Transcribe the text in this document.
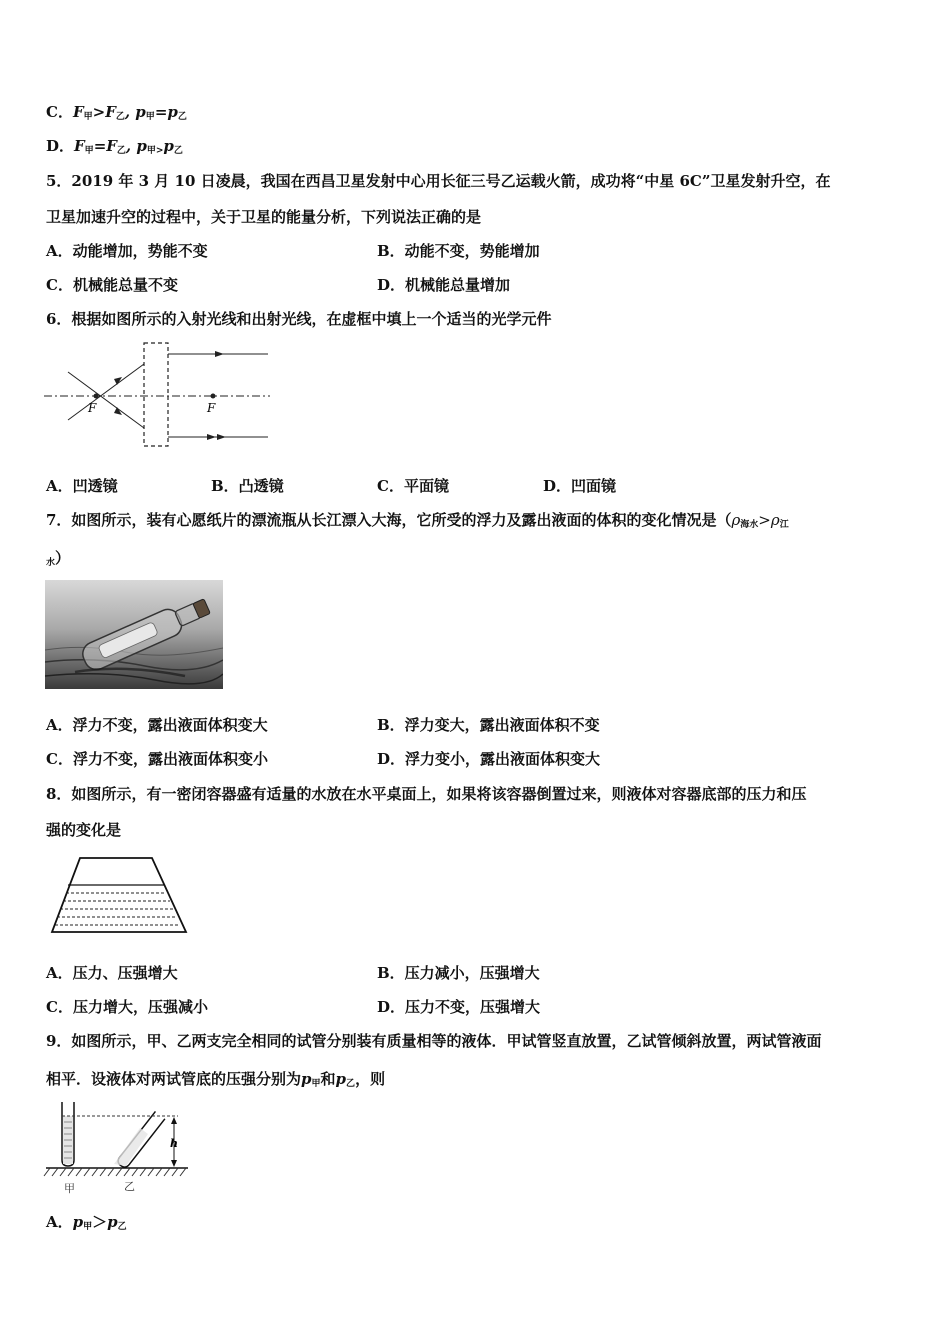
C．$F_甲>F_乙$, $p_甲=p_乙$
D．$F_甲=F_乙$, $p_{甲>}p_乙$
5．2019 年 3 月 10 日凌晨，我国在西昌卫星发射中心用长征三号乙运载火箭，成功将“中星 6C”卫星发射升空，在
卫星加速升空的过程中，关于卫星的能量分析，下列说法正确的是
A．动能增加，势能不变	B．动能不变，势能增加
C．机械能总量不变	D．机械能总量增加
6．根据如图所示的入射光线和出射光线，在虚框中填上一个适当的光学元件
F	F
A．凹透镜	B．凸透镜	C．平面镜	D．凹面镜
7．如图所示，装有心愿纸片的漂流瓶从长江漂入大海，它所受的浮力及露出液面的体积的变化情况是（$\rho_{海水}>\rho_江$
$_水$）
A．浮力不变，露出液面体积变大	B．浮力变大，露出液面体积不变
C．浮力不变，露出液面体积变小	D．浮力变小，露出液面体积变大
8．如图所示，有一密闭容器盛有适量的水放在水平桌面上，如果将该容器倒置过来，则液体对容器底部的压力和压
强的变化是
A．压力、压强增大	B．压力减小，压强增大
C．压力增大，压强减小	D．压力不变，压强增大
9．如图所示，甲、乙两支完全相同的试管分别装有质量相等的液体．甲试管竖直放置，乙试管倾斜放置，两试管液面
相平．设液体对两试管底的压强分别为$p_甲$和$p_乙$，则
h
甲	乙
A．$p_甲>p_乙$
